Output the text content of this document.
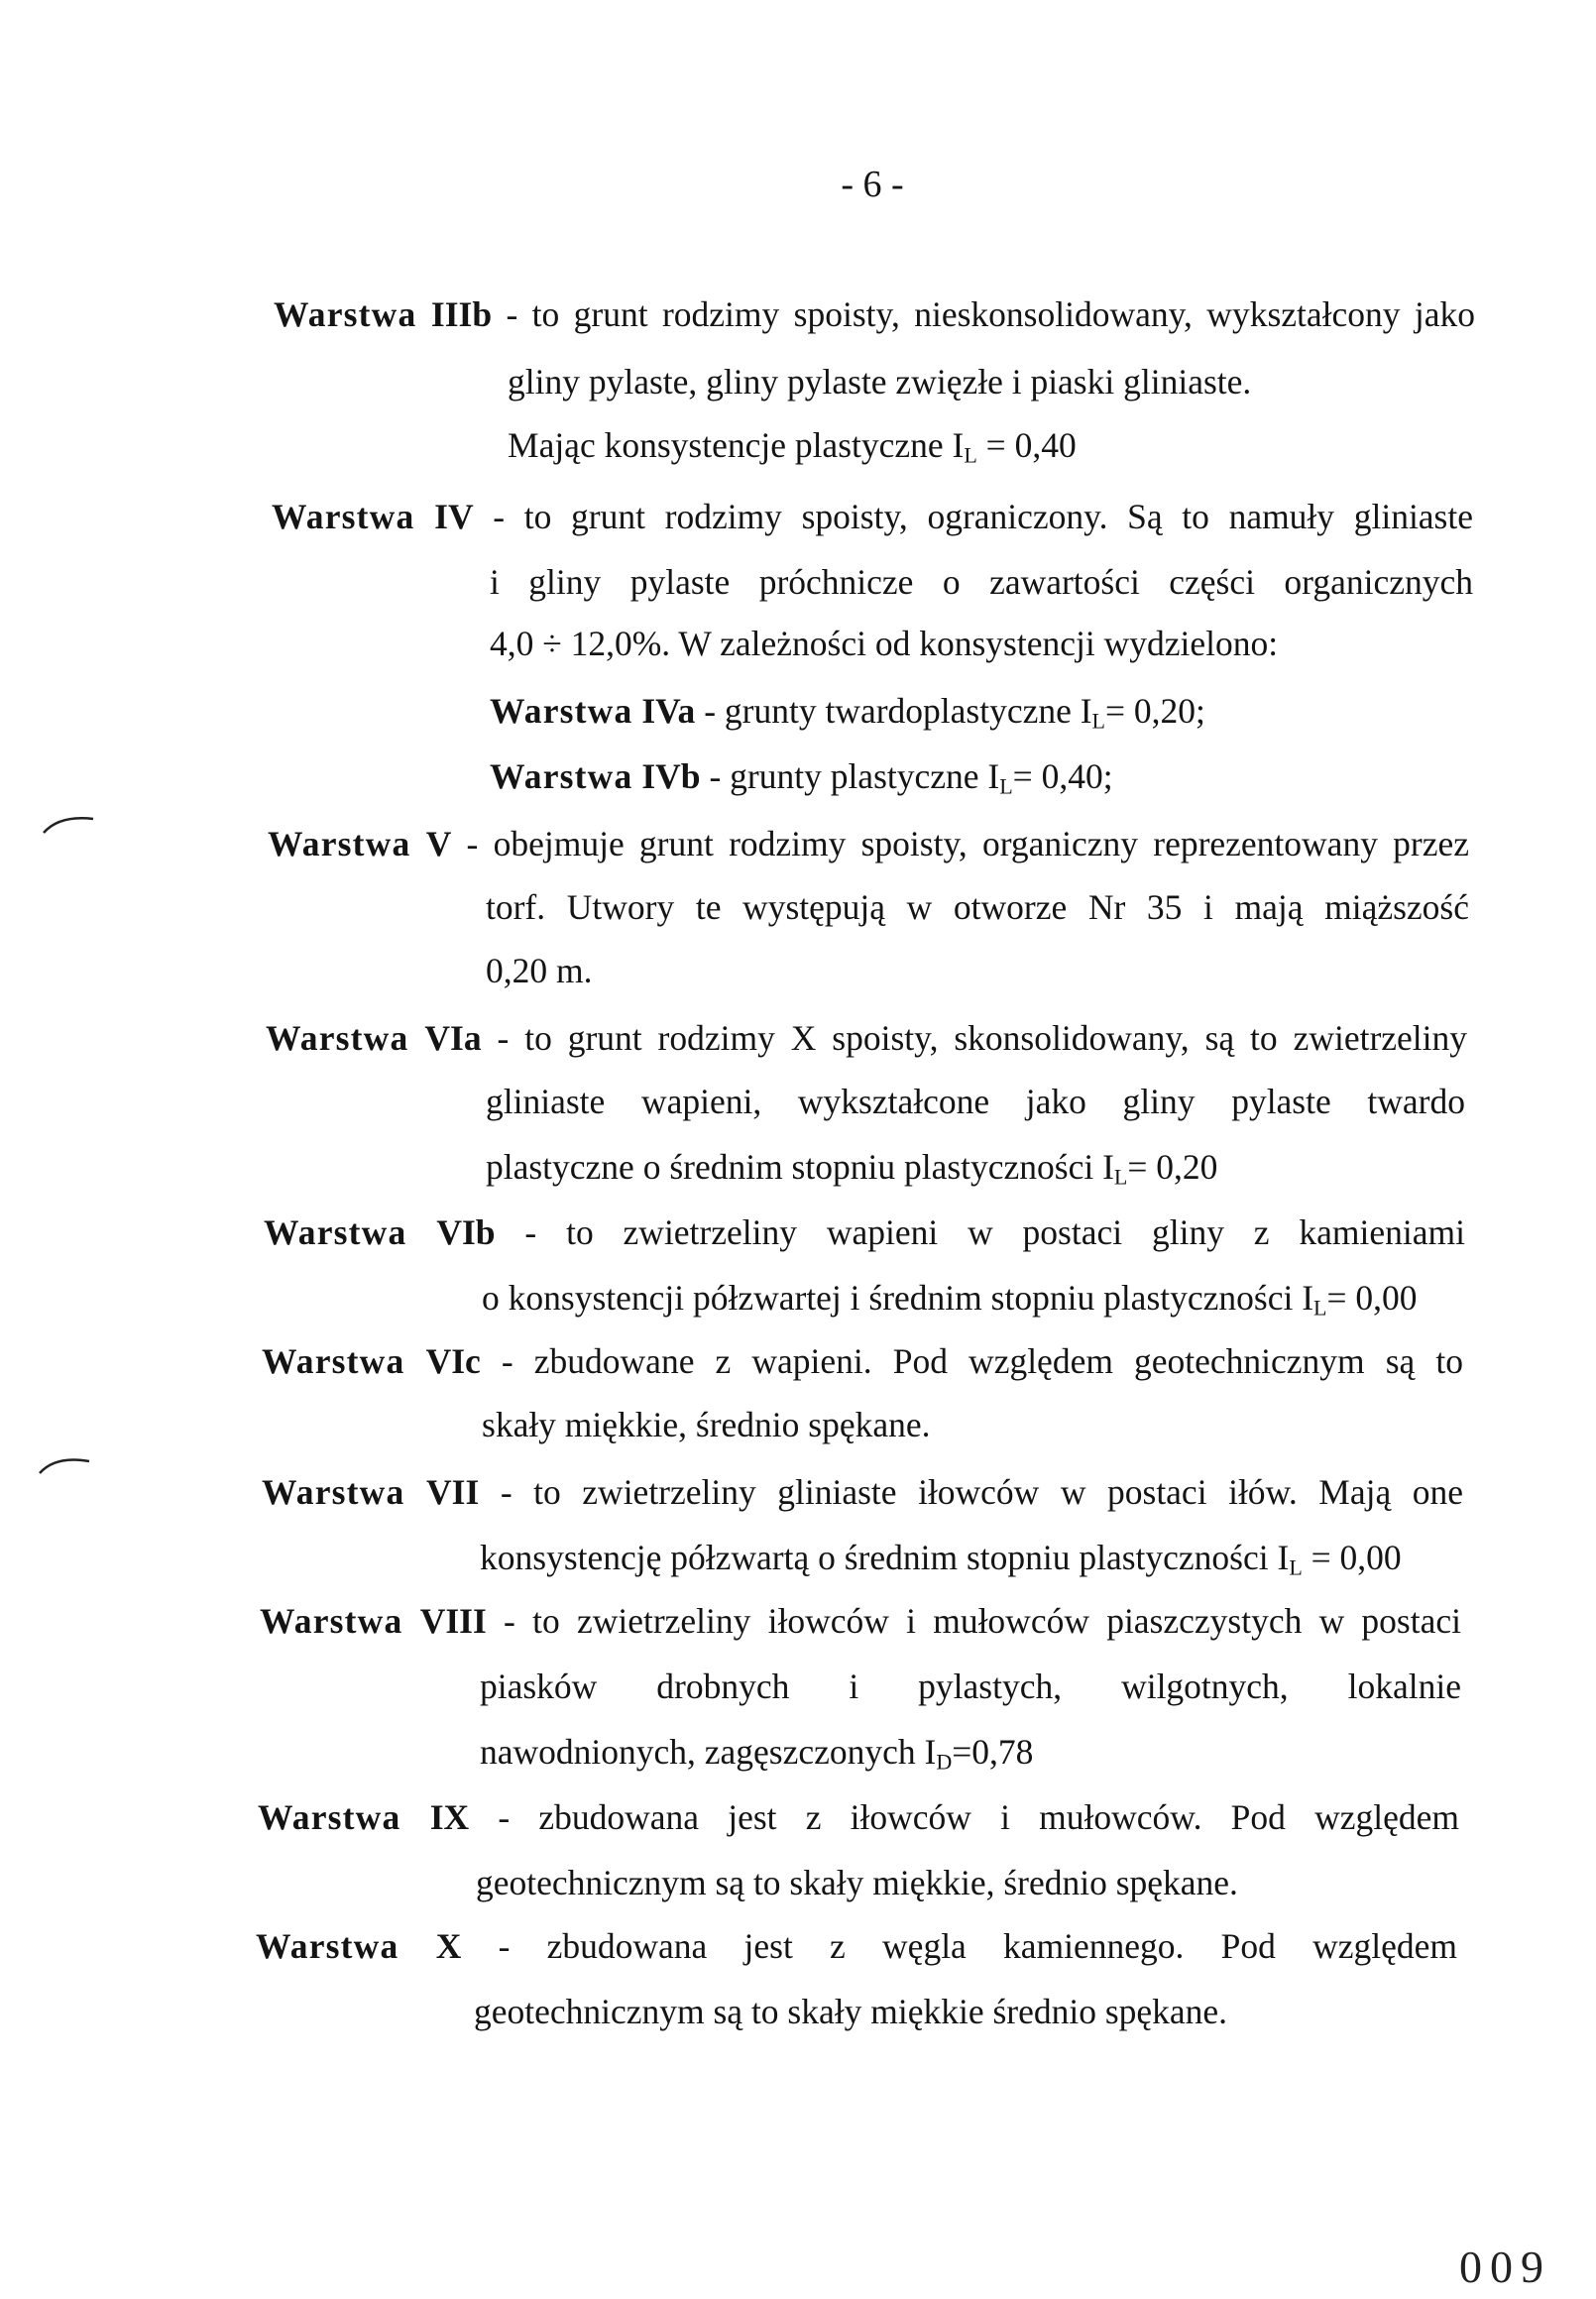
- 6 -
Warstwa IIIb - to grunt rodzimy spoisty, nieskonsolidowany, wykształcony jako
gliny pylaste, gliny pylaste zwięzłe i piaski gliniaste.
Mając konsystencje plastyczne $I_L = 0,40$
Warstwa IV - to grunt rodzimy spoisty, ograniczony. Są to namuły gliniaste
i gliny pylaste próchnicze o zawartości części organicznych
4,0 ÷ 12,0%. W zależności od konsystencji wydzielono:
Warstwa IVa - grunty twardoplastyczne $I_L= 0,20$;
Warstwa IVb - grunty plastyczne $I_L= 0,40$;
Warstwa V - obejmuje grunt rodzimy spoisty, organiczny reprezentowany przez
torf. Utwory te występują w otworze Nr 35 i mają miąższość
0,20 m.
Warstwa VIa - to grunt rodzimy X spoisty, skonsolidowany, są to zwietrzeliny
gliniaste wapieni, wykształcone jako gliny pylaste twardo
plastyczne o średnim stopniu plastyczności $I_L= 0,20$
Warstwa VIb - to zwietrzeliny wapieni w postaci gliny z kamieniami
o konsystencji półzwartej i średnim stopniu plastyczności $I_L= 0,00$
Warstwa VIc - zbudowane z wapieni. Pod względem geotechnicznym są to
skały miękkie, średnio spękane.
Warstwa VII - to zwietrzeliny gliniaste iłowców w postaci iłów. Mają one
konsystencję półzwartą o średnim stopniu plastyczności $I_L = 0,00$
Warstwa VIII - to zwietrzeliny iłowców i mułowców piaszczystych w postaci
piasków drobnych i pylastych, wilgotnych, lokalnie
nawodnionych, zagęszczonych $I_D=0,78$
Warstwa IX - zbudowana jest z iłowców i mułowców. Pod względem
geotechnicznym są to skały miękkie, średnio spękane.
Warstwa X - zbudowana jest z węgla kamiennego. Pod względem
geotechnicznym są to skały miękkie średnio spękane.
009
